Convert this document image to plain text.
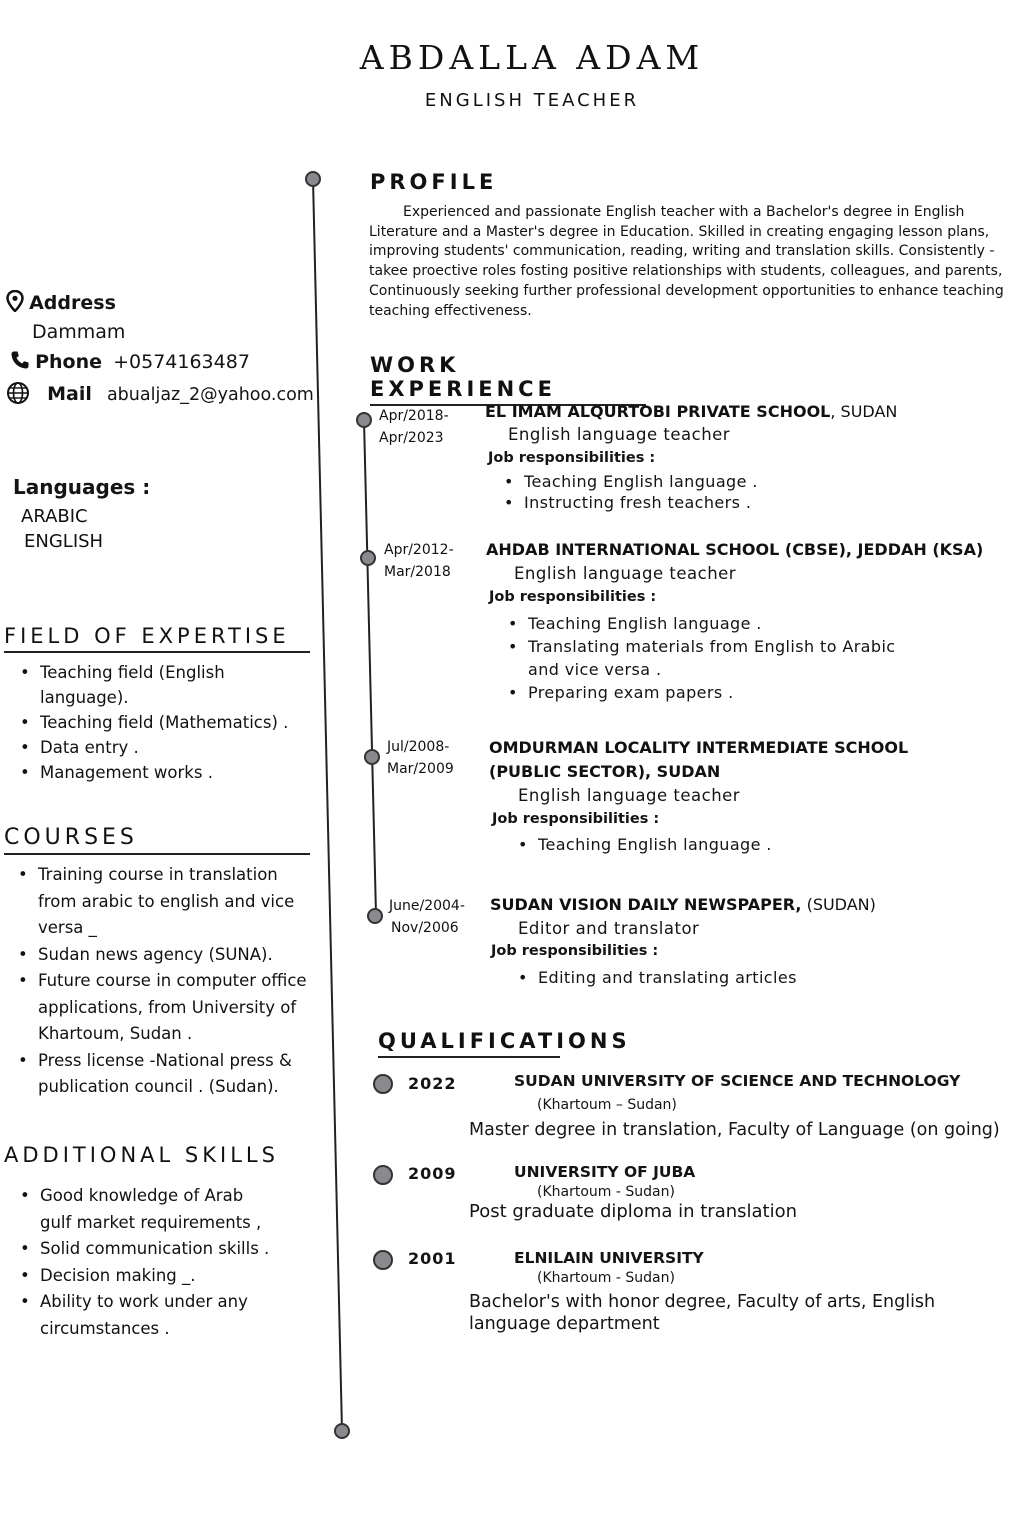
ABDALLA ADAM
ENGLISH TEACHER
Address
Dammam
Phone +0574163487
Mail abualjaz_2@yahoo.com
Languages :
ARABIC
ENGLISH
FIELD OF EXPERTISE
• Teaching field (English language).
• Teaching field (Mathematics) .
• Data entry .
• Management works .
COURSES
• Training course in translation from arabic to english and vice versa _
• Sudan news agency (SUNA).
• Future course in computer office applications, from University of Khartoum, Sudan .
• Press license -National press & publication council . (Sudan).
ADDITIONAL SKILLS
• Good knowledge of Arab gulf market requirements ,
• Solid communication skills .
• Decision making _.
• Ability to work under any circumstances .
PROFILE
Experienced and passionate English teacher with a Bachelor's degree in English Literature and a Master's degree in Education. Skilled in creating engaging lesson plans, improving students' communication, reading, writing and translation skills. Consistently - takee proective roles fosting positive relationships with students, colleagues, and parents, Continuously seeking further professional development opportunities to enhance teaching teaching effectiveness.
WORK EXPERIENCE
Apr/2018-
Apr/2023
EL IMAM ALQURTOBI PRIVATE SCHOOL, SUDAN
English language teacher
Job responsibilities :
• Teaching English language .
• Instructing fresh teachers .
Apr/2012-
Mar/2018
AHDAB INTERNATIONAL SCHOOL (CBSE), JEDDAH (KSA)
English language teacher
Job responsibilities :
• Teaching English language .
• Translating materials from English to Arabic and vice versa .
• Preparing exam papers .
Jul/2008-
Mar/2009
OMDURMAN LOCALITY INTERMEDIATE SCHOOL (PUBLIC SECTOR), SUDAN
English language teacher
Job responsibilities :
• Teaching English language .
June/2004-
Nov/2006
SUDAN VISION DAILY NEWSPAPER, (SUDAN)
Editor and translator
Job responsibilities :
• Editing and translating articles
QUALIFICATIONS
2022	SUDAN UNIVERSITY OF SCIENCE AND TECHNOLOGY
(Khartoum – Sudan)
Master degree in translation, Faculty of Language (on going)
2009	UNIVERSITY OF JUBA
(Khartoum - Sudan)
Post graduate diploma in translation
2001	ELNILAIN UNIVERSITY
(Khartoum - Sudan)
Bachelor's with honor degree, Faculty of arts, English language department
